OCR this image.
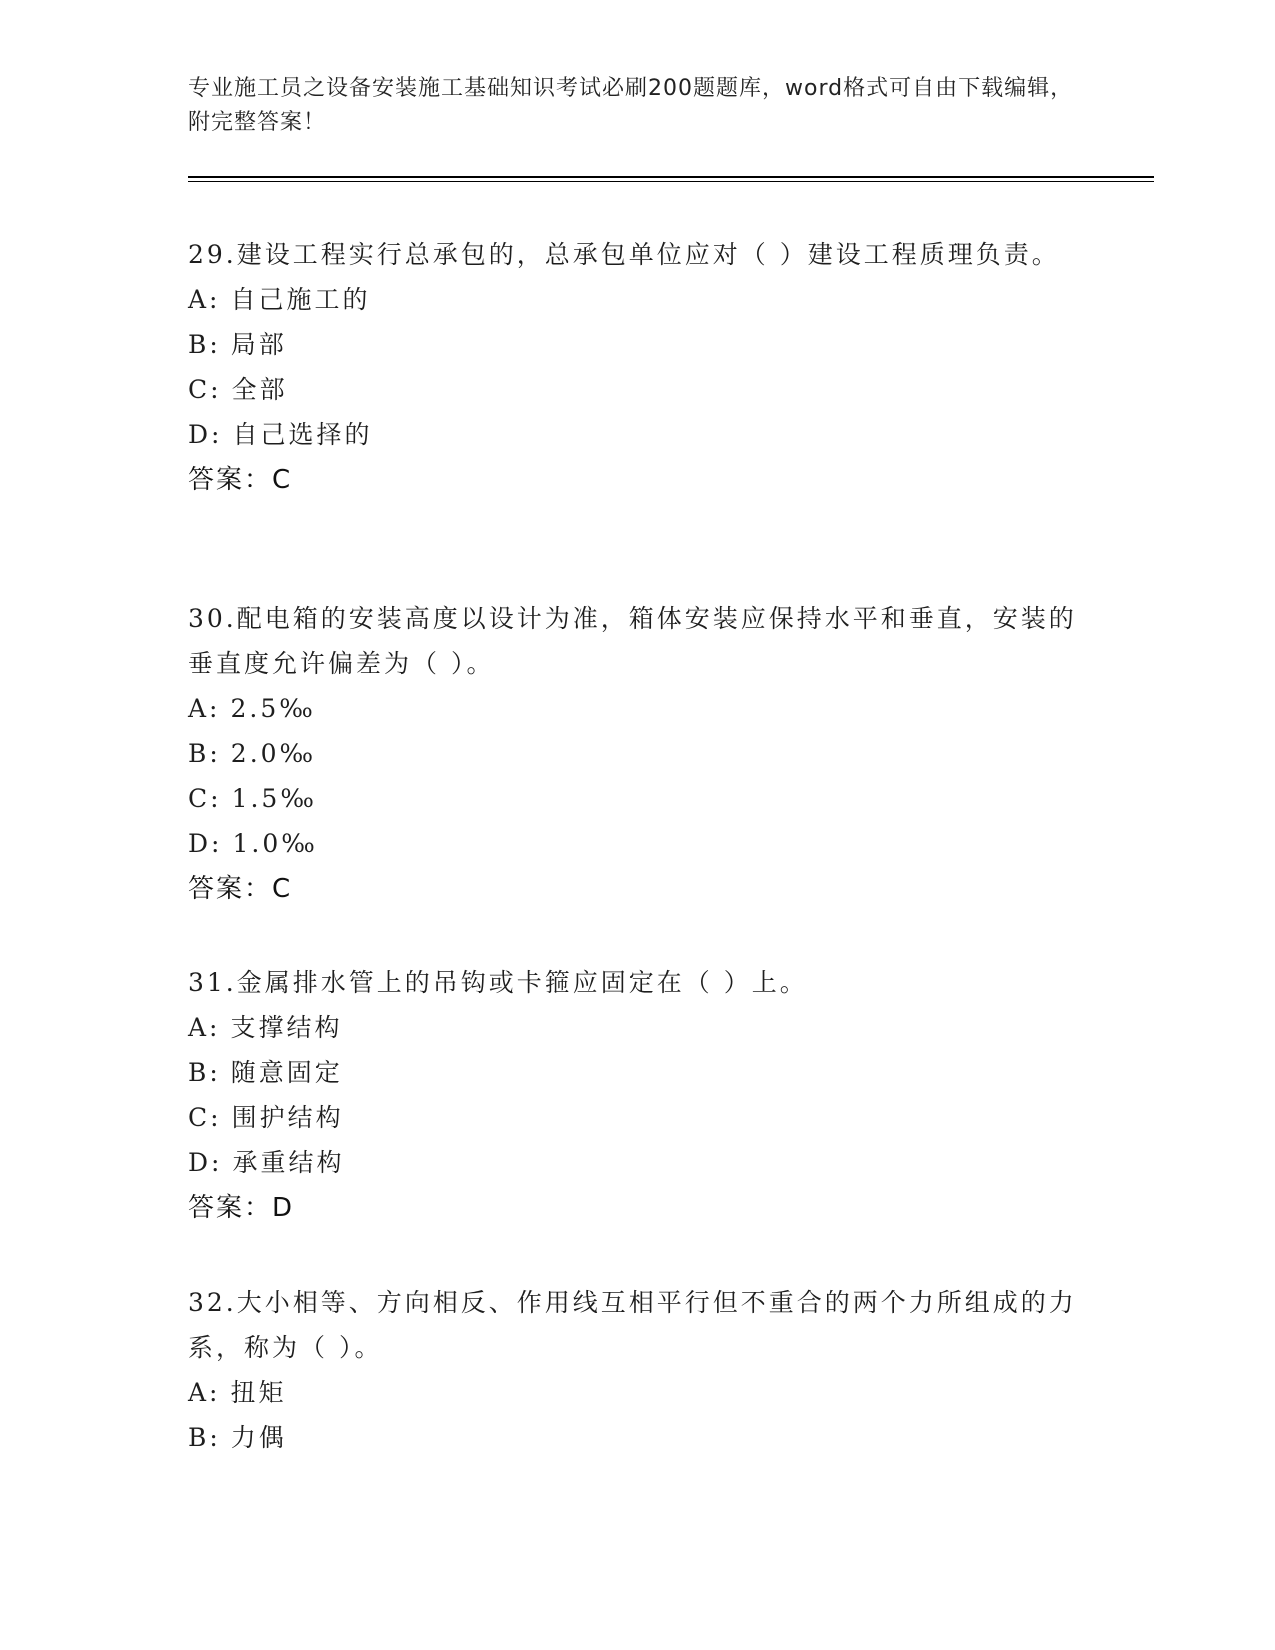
专业施工员之设备安装施工基础知识考试必刷200题题库，word格式可自由下载编辑，附完整答案！
29.建设工程实行总承包的，总承包单位应对（ ）建设工程质理负责。
A: 自己施工的
B: 局部
C: 全部
D: 自己选择的
答案：C
30.配电箱的安装高度以设计为准，箱体安装应保持水平和垂直，安装的垂直度允许偏差为（ ）。
A: 2.5‰
B: 2.0‰
C: 1.5‰
D: 1.0‰
答案：C
31.金属排水管上的吊钩或卡箍应固定在（ ）上。
A: 支撑结构
B: 随意固定
C: 围护结构
D: 承重结构
答案：D
32.大小相等、方向相反、作用线互相平行但不重合的两个力所组成的力系，称为（ ）。
A: 扭矩
B: 力偶
